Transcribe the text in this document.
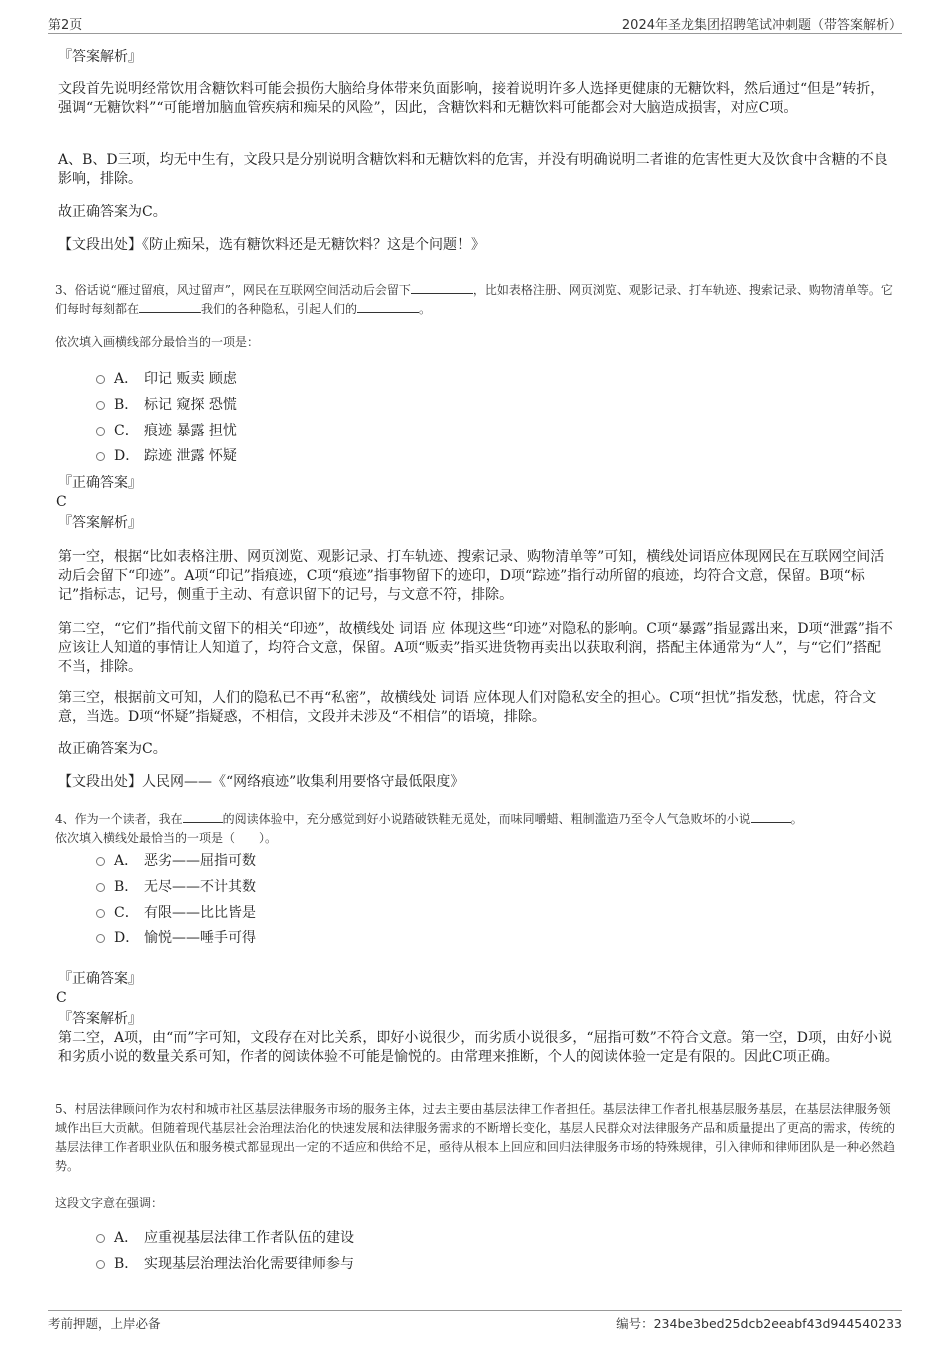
第2页	2024年圣龙集团招聘笔试冲刺题（带答案解析）

『答案解析』

文段首先说明经常饮用含糖饮料可能会损伤大脑给身体带来负面影响，接着说明许多人选择更健康的无糖饮料，然后通过“但是”转折，强调“无糖饮料”“可能增加脑血管疾病和痴呆的风险”，因此，含糖饮料和无糖饮料可能都会对大脑造成损害，对应C项。

A、B、D三项，均无中生有，文段只是分别说明含糖饮料和无糖饮料的危害，并没有明确说明二者谁的危害性更大及饮食中含糖的不良影响，排除。

故正确答案为C。

【文段出处】《防止痴呆，选有糖饮料还是无糖饮料？这是个问题！》

3、俗话说“雁过留痕，风过留声”，网民在互联网空间活动后会留下	，比如表格注册、网页浏览、观影记录、打车轨迹、搜索记录、购物清单等。它们每时每刻都在	我们的各种隐私，引起人们的	。

依次填入画横线部分最恰当的一项是：

A． 印记 贩卖 顾虑
B． 标记 窥探 恐慌
C． 痕迹 暴露 担忧
D． 踪迹 泄露 怀疑

『正确答案』

C

『答案解析』

第一空，根据“比如表格注册、网页浏览、观影记录、打车轨迹、搜索记录、购物清单等”可知，横线处词语应体现网民在互联网空间活动后会留下“印迹”。A项“印记”指痕迹，C项“痕迹”指事物留下的迹印，D项“踪迹”指行动所留的痕迹，均符合文意，保留。B项“标记”指标志，记号，侧重于主动、有意识留下的记号，与文意不符，排除。

第二空，“它们”指代前文留下的相关“印迹”，故横线处 词语 应 体现这些“印迹”对隐私的影响。C项“暴露”指显露出来，D项“泄露”指不应该让人知道的事情让人知道了，均符合文意，保留。A项“贩卖”指买进货物再卖出以获取利润，搭配主体通常为“人”，与“它们”搭配不当，排除。

第三空，根据前文可知，人们的隐私已不再“私密”，故横线处 词语 应体现人们对隐私安全的担心。C项“担忧”指发愁，忧虑，符合文意，当选。D项“怀疑”指疑惑，不相信，文段并未涉及“不相信”的语境，排除。

故正确答案为C。

【文段出处】人民网——《“网络痕迹”收集利用要恪守最低限度》

4、作为一个读者，我在	的阅读体验中，充分感觉到好小说踏破铁鞋无觅处，而味同嚼蜡、粗制滥造乃至令人气急败坏的小说	。

依次填入横线处最恰当的一项是（　　）。

A． 恶劣——屈指可数
B． 无尽——不计其数
C． 有限——比比皆是
D． 愉悦——唾手可得

『正确答案』

C

『答案解析』

第二空，A项，由“而”字可知，文段存在对比关系，即好小说很少，而劣质小说很多，“屈指可数”不符合文意。第一空，D项，由好小说和劣质小说的数量关系可知，作者的阅读体验不可能是愉悦的。由常理来推断，个人的阅读体验一定是有限的。因此C项正确。

5、村居法律顾问作为农村和城市社区基层法律服务市场的服务主体，过去主要由基层法律工作者担任。基层法律工作者扎根基层服务基层，在基层法律服务领域作出巨大贡献。但随着现代基层社会治理法治化的快速发展和法律服务需求的不断增长变化，基层人民群众对法律服务产品和质量提出了更高的需求，传统的基层法律工作者职业队伍和服务模式都显现出一定的不适应和供给不足，亟待从根本上回应和回归法律服务市场的特殊规律，引入律师和律师团队是一种必然趋势。

这段文字意在强调：

A． 应重视基层法律工作者队伍的建设
B． 实现基层治理法治化需要律师参与
考前押题，上岸必备	编号：234be3bed25dcb2eeabf43d944540233
